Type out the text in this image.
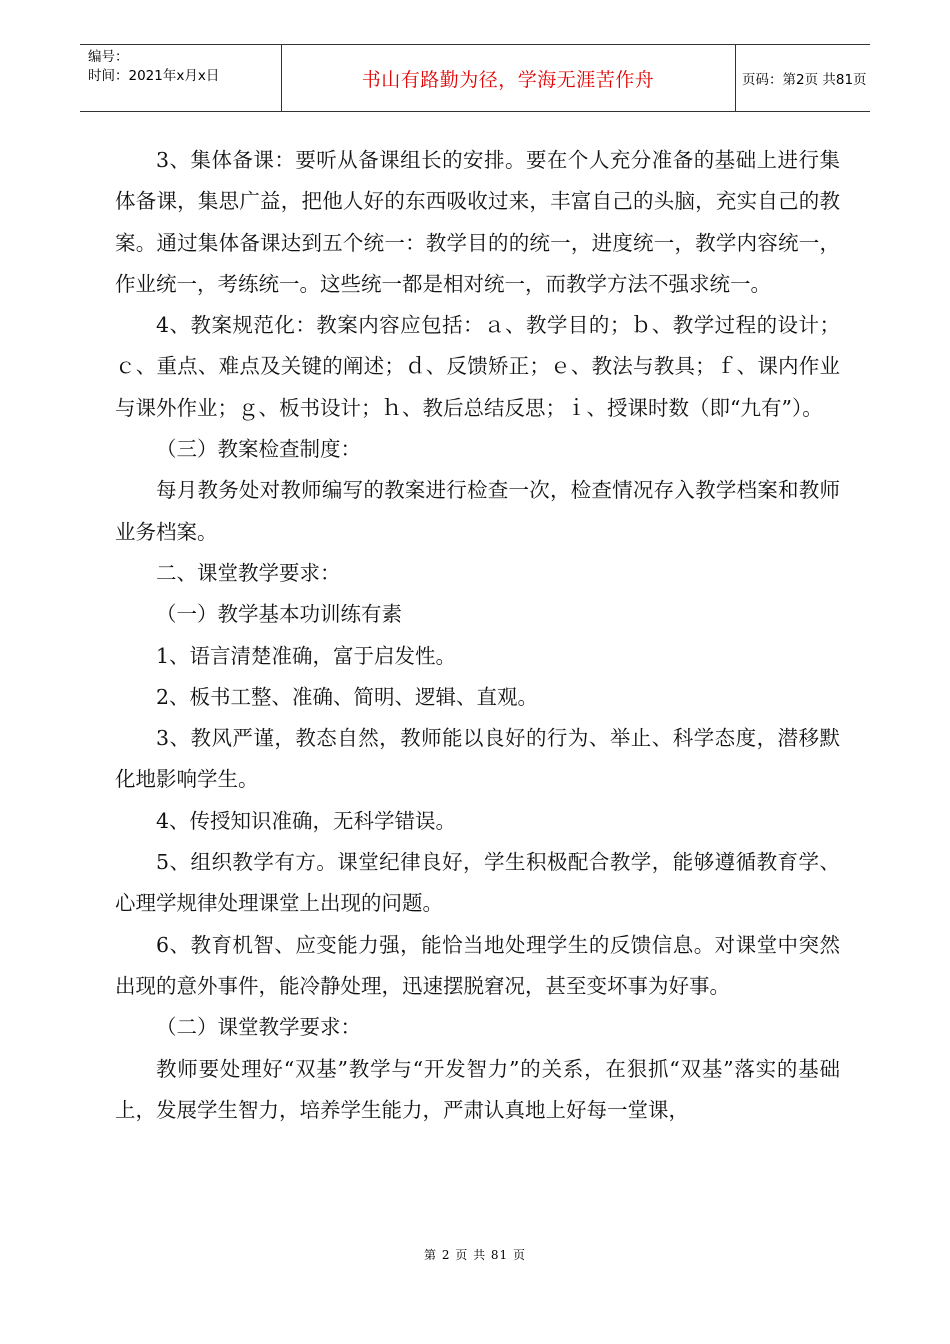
编号：
时间：2021年x月x日	书山有路勤为径，学海无涯苦作舟	页码：第2页 共81页

3、集体备课：要听从备课组长的安排。要在个人充分准备的基础上进行集体备课，集思广益，把他人好的东西吸收过来，丰富自己的头脑，充实自己的教案。通过集体备课达到五个统一：教学目的的统一，进度统一，教学内容统一，作业统一，考练统一。这些统一都是相对统一，而教学方法不强求统一。

4、教案规范化：教案内容应包括：ａ、教学目的；ｂ、教学过程的设计；ｃ、重点、难点及关键的阐述；ｄ、反馈矫正；ｅ、教法与教具；ｆ、课内作业与课外作业；ｇ、板书设计；ｈ、教后总结反思；ｉ、授课时数（即“九有”）。

（三）教案检查制度：

每月教务处对教师编写的教案进行检查一次，检查情况存入教学档案和教师业务档案。

二、课堂教学要求：

（一）教学基本功训练有素

1、语言清楚准确，富于启发性。

2、板书工整、准确、简明、逻辑、直观。

3、教风严谨，教态自然，教师能以良好的行为、举止、科学态度，潜移默化地影响学生。

4、传授知识准确，无科学错误。

5、组织教学有方。课堂纪律良好，学生积极配合教学，能够遵循教育学、心理学规律处理课堂上出现的问题。

6、教育机智、应变能力强，能恰当地处理学生的反馈信息。对课堂中突然出现的意外事件，能冷静处理，迅速摆脱窘况，甚至变坏事为好事。

（二）课堂教学要求：

教师要处理好“双基”教学与“开发智力”的关系，在狠抓“双基”落实的基础上，发展学生智力，培养学生能力，严肃认真地上好每一堂课，

第 2 页 共 81 页
